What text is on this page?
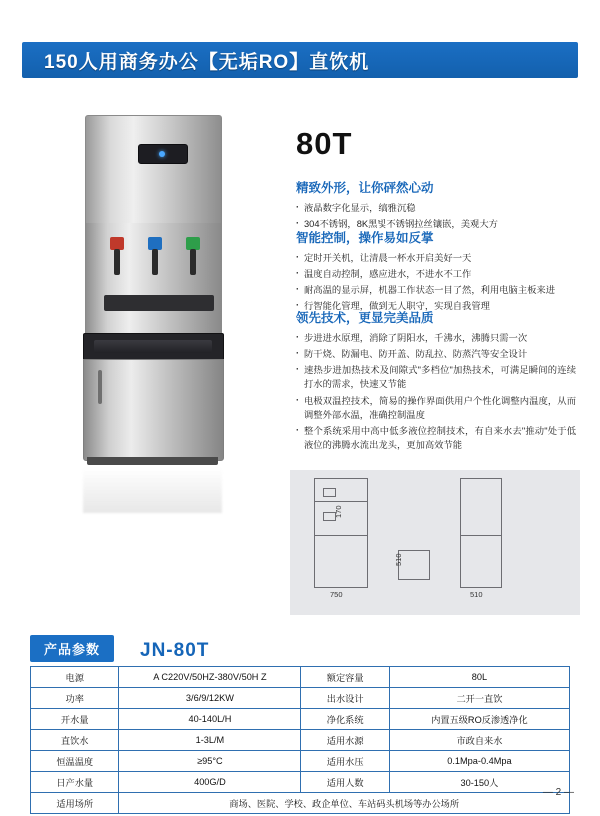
150人用商务办公【无垢RO】直饮机
80T
精致外形，让你砰然心动

· 液晶数字化显示，缟雅沉稳

· 304不锈钢，8K黑빛不锈钢拉丝镶嵌，美观大方

智能控制，操作易如反掌

· 定时开关机，让清晨一杯水开启美好一天

· 温度自动控制，感应进水，不进水不工作

· 耐高温的显示屏，机器工作状态一目了然，利用电脑主板来进

· 行智能化管理，做到无人职守，实现自我管理

领先技术，更显完美品质

· 步进进水原理，消除了阴阳水，千沸水，沸腾只需一次

· 防干烧、防漏电、防开盖、防乱拉、防蒸汽等安全设计

· 速热步进加热技术及间隙式"多档位"加热技术，可满足瞬间的连续打水的需求，快速又节能

· 电极双温控技术，简易的操作界面供用户个性化调整内温度，从而调整外部水温，准确控制温度

· 整个系统采用中高中低多液位控制技术，有自来水去"推动"处于低液位的沸腾水流出龙头，更加高效节能

170
510
750	510
产品参数	JN-80T
电源	A C220V/50HZ-380V/50H Z	额定容量	80L
功率	3/6/9/12KW	出水设计	二开一直饮
开水量	40-140L/H	净化系统	内置五级RO反渗透净化
直饮水	1-3L/M	适用水源	市政自来水
恒温温度	≥95°C	适用水压	0.1Mpa-0.4Mpa
日产水量	400G/D	适用人数	30-150人
适用场所	商场、医院、学校、政企单位、车站码头机场等办公场所		
— 2 —
